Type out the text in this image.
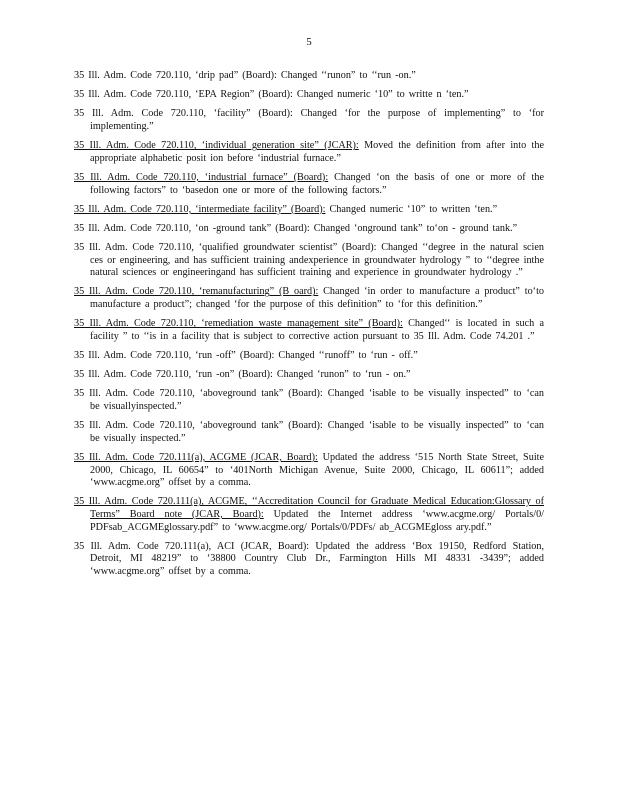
5

35 Ill. Adm. Code 720.110, ‘drip pad” (Board): Changed ‘‘runon” to ‘‘run -on.”

35 Ill. Adm. Code 720.110, ‘EPA Region” (Board): Changed numeric ‘10” to writte n ‘ten.”

35 Ill. Adm. Code 720.110, ‘facility” (Board): Changed ‘for the purpose of implementing” to ‘for implementing.”

35 Ill. Adm. Code 720.110, ‘individual generation site” (JCAR): Moved the definition from after into the appropriate alphabetic posit ion before ‘industrial furnace.”

35 Ill. Adm. Code 720.110, ‘industrial furnace” (Board): Changed ‘on the basis of one or more of the following factors” to ‘basedon one or more of the following factors.”

35 Ill. Adm. Code 720.110, ‘intermediate facility” (Board): Changed numeric ‘10” to written ‘ten.”

35 Ill. Adm. Code 720.110, ‘on -ground tank” (Board): Changed ‘onground tank” to‘on - ground tank.”

35 Ill. Adm. Code 720.110, ‘qualified groundwater scientist” (Board): Changed ‘‘degree in the natural scien ces or engineering, and has sufficient training andexperience in groundwater hydrology ” to ‘‘degree inthe natural sciences or engineeringand has sufficient training and experience in groundwater hydrology .”

35 Ill. Adm. Code 720.110, ‘remanufacturing” (B oard): Changed ‘in order to manufacture a product” to‘to manufacture a product”; changed ‘for the purpose of this definition” to ‘for this definition.”

35 Ill. Adm. Code 720.110, ‘remediation waste management site” (Board): Changed‘‘ is located in such a facility ” to ‘‘is in a facility that is subject to corrective action pursuant to 35 Ill. Adm. Code 74.201 .”

35 Ill. Adm. Code 720.110, ‘run -off” (Board): Changed ‘‘runoff” to ‘run - off.”

35 Ill. Adm. Code 720.110, ‘run -on” (Board): Changed ‘runon” to ‘run - on.”

35 Ill. Adm. Code 720.110, ‘aboveground tank” (Board): Changed ‘isable to be visually inspected” to ‘can be visuallyinspected.”

35 Ill. Adm. Code 720.110, ‘aboveground tank” (Board): Changed ‘isable to be visually inspected” to ‘can be visually inspected.”

35 Ill. Adm. Code 720.111(a), ACGME (JCAR, Board): Updated the address ‘515 North State Street, Suite 2000, Chicago, IL 60654” to ‘401North Michigan Avenue, Suite 2000, Chicago, IL 60611”; added ‘www.acgme.org” offset by a comma.

35 Ill. Adm. Code 720.111(a), ACGME, ‘‘Accreditation Council for Graduate Medical Education:Glossary of Terms” Board note (JCAR, Board): Updated the Internet address ‘www.acgme.org/ Portals/0/ PDFsab_ACGMEglossary.pdf” to ‘www.acgme.org/ Portals/0/PDFs/ ab_ACGMEgloss ary.pdf.”

35 Ill. Adm. Code 720.111(a), ACI (JCAR, Board): Updated the address ‘Box 19150, Redford Station, Detroit, MI 48219” to ‘38800 Country Club Dr., Farmington Hills MI 48331 -3439”; added ‘www.acgme.org” offset by a comma.
